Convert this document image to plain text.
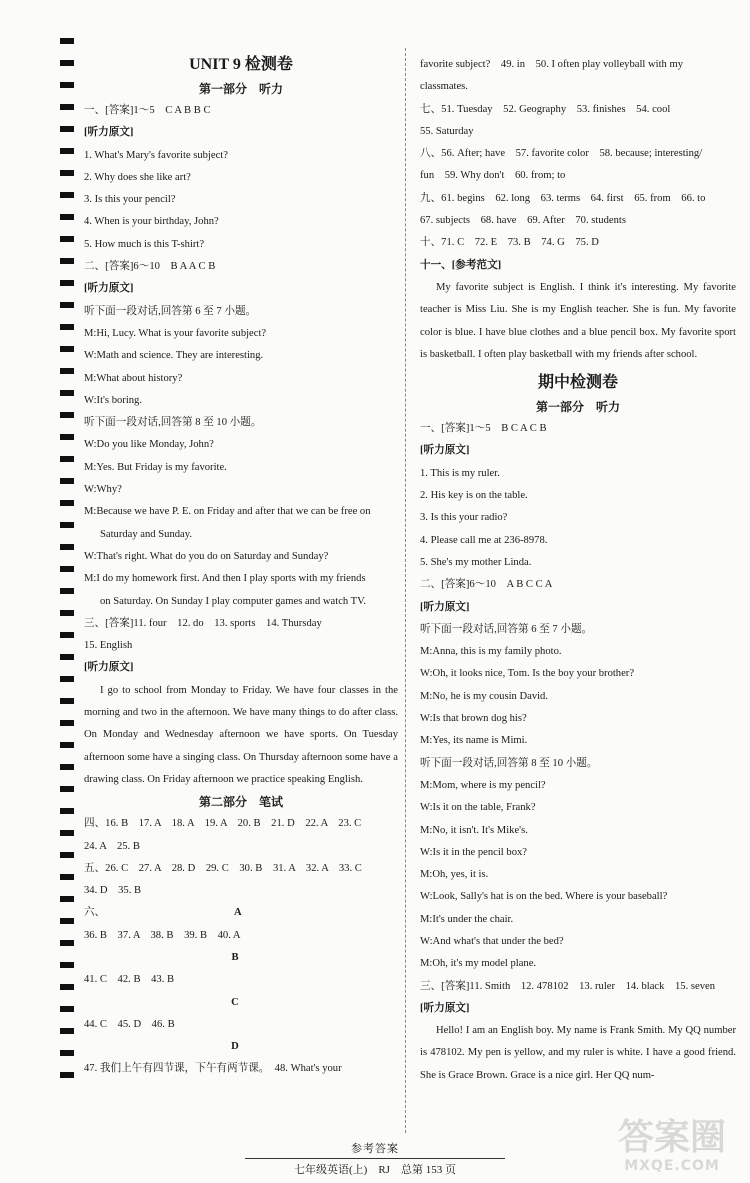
UNIT 9 检测卷
第一部分　听力
一、[答案]1～5　C A B B C
[听力原文]
1. What's Mary's favorite subject?
2. Why does she like art?
3. Is this your pencil?
4. When is your birthday, John?
5. How much is this T-shirt?
二、[答案]6～10　B A A C B
[听力原文]
听下面一段对话,回答第 6 至 7 小题。
M:Hi, Lucy. What is your favorite subject?
W:Math and science. They are interesting.
M:What about history?
W:It's boring.
听下面一段对话,回答第 8 至 10 小题。
W:Do you like Monday, John?
M:Yes. But Friday is my favorite.
W:Why?
M:Because we have P. E. on Friday and after that we can be free on
Saturday and Sunday.
W:That's right. What do you do on Saturday and Sunday?
M:I do my homework first. And then I play sports with my friends
on Saturday. On Sunday I play computer games and watch TV.
三、[答案]11. four　12. do　13. sports　14. Thursday
15. English
[听力原文]
I go to school from Monday to Friday. We have four classes in the morning and two in the afternoon. We have many things to do after class. On Monday and Wednesday afternoon we have sports. On Tuesday afternoon some have a singing class. On Thursday afternoon some have a drawing class. On Friday afternoon we practice speaking English.
第二部分　笔试
四、16. B　17. A　18. A　19. A　20. B　21. D　22. A　23. C
24. A　25. B
五、26. C　27. A　28. D　29. C　30. B　31. A　32. A　33. C
34. D　35. B
六、	A
36. B　37. A　38. B　39. B　40. A
B
41. C　42. B　43. B
C
44. C　45. D　46. B
D
47. 我们上午有四节课，下午有两节课。　48. What's your
favorite subject?　49. in　50. I often play volleyball with my
classmates.
七、51. Tuesday　52. Geography　53. finishes　54. cool
55. Saturday
八、56. After; have　57. favorite color　58. because; interesting/
fun　59. Why don't　60. from; to
九、61. begins　62. long　63. terms　64. first　65. from　66. to
67. subjects　68. have　69. After　70. students
十、71. C　72. E　73. B　74. G　75. D
十一、[参考范文]
My favorite subject is English. I think it's interesting. My favorite teacher is Miss Liu. She is my English teacher. She is fun. My favorite color is blue. I have blue clothes and a blue pencil box. My favorite sport is basketball. I often play basketball with my friends after school.
期中检测卷
第一部分　听力
一、[答案]1～5　B C A C B
[听力原文]
1. This is my ruler.
2. His key is on the table.
3. Is this your radio?
4. Please call me at 236-8978.
5. She's my mother Linda.
二、[答案]6～10　A B C C A
[听力原文]
听下面一段对话,回答第 6 至 7 小题。
M:Anna, this is my family photo.
W:Oh, it looks nice, Tom. Is the boy your brother?
M:No, he is my cousin David.
W:Is that brown dog his?
M:Yes, its name is Mimi.
听下面一段对话,回答第 8 至 10 小题。
M:Mom, where is my pencil?
W:Is it on the table, Frank?
M:No, it isn't. It's Mike's.
W:Is it in the pencil box?
M:Oh, yes, it is.
W:Look, Sally's hat is on the bed. Where is your baseball?
M:It's under the chair.
W:And what's that under the bed?
M:Oh, it's my model plane.
三、[答案]11. Smith　12. 478102　13. ruler　14. black　15. seven
[听力原文]
Hello! I am an English boy. My name is Frank Smith. My QQ number is 478102. My pen is yellow, and my ruler is white. I have a good friend. She is Grace Brown. Grace is a nice girl. Her QQ num-
参考答案
七年级英语(上)　RJ　总第 153 页
答案圈
MXQE.COM
